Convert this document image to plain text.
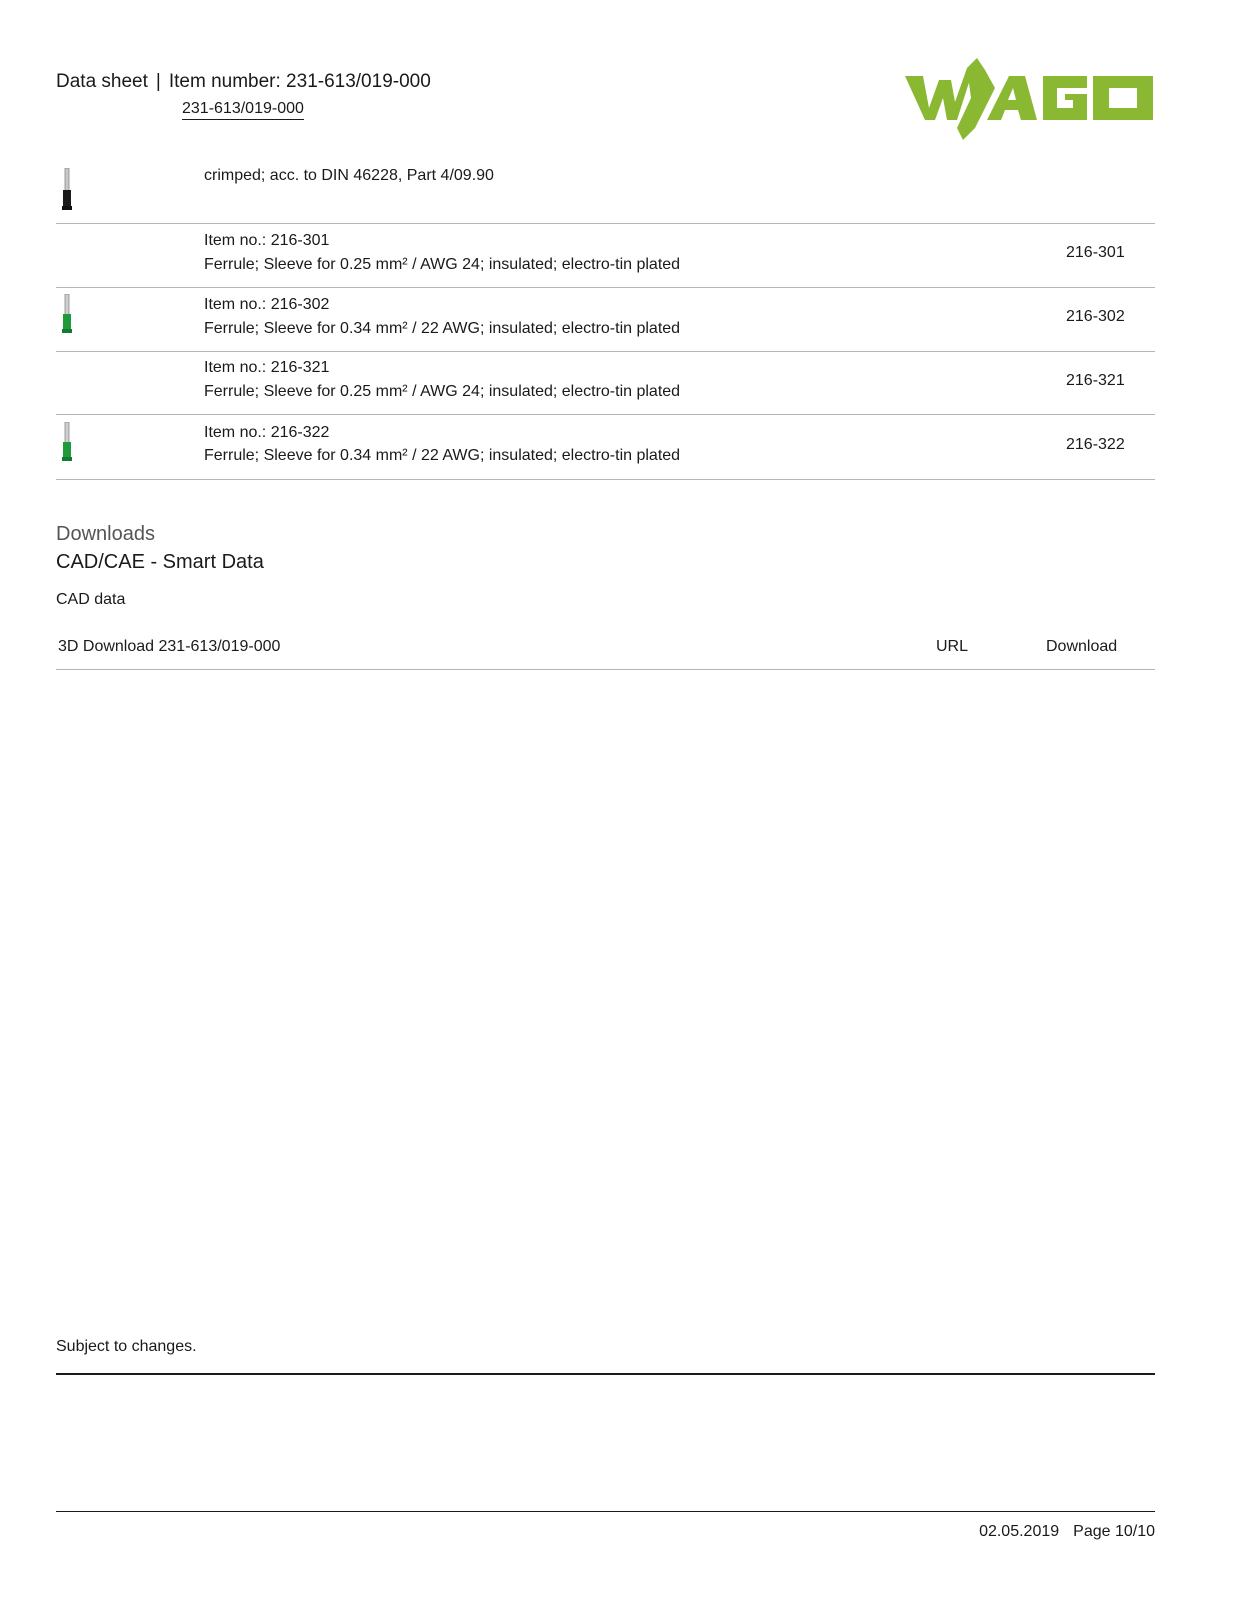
Data sheet | Item number: 231-613/019-000
231-613/019-000
crimped; acc. to DIN 46228, Part 4/09.90
Item no.: 216-301
Ferrule; Sleeve for 0.25 mm² / AWG 24; insulated; electro-tin plated
216-301
Item no.: 216-302
Ferrule; Sleeve for 0.34 mm² / 22 AWG; insulated; electro-tin plated
216-302
Item no.: 216-321
Ferrule; Sleeve for 0.25 mm² / AWG 24; insulated; electro-tin plated
216-321
Item no.: 216-322
Ferrule; Sleeve for 0.34 mm² / 22 AWG; insulated; electro-tin plated
216-322
Downloads
CAD/CAE - Smart Data
CAD data
3D Download 231-613/019-000	URL	Download
Subject to changes.
02.05.2019 Page 10/10
